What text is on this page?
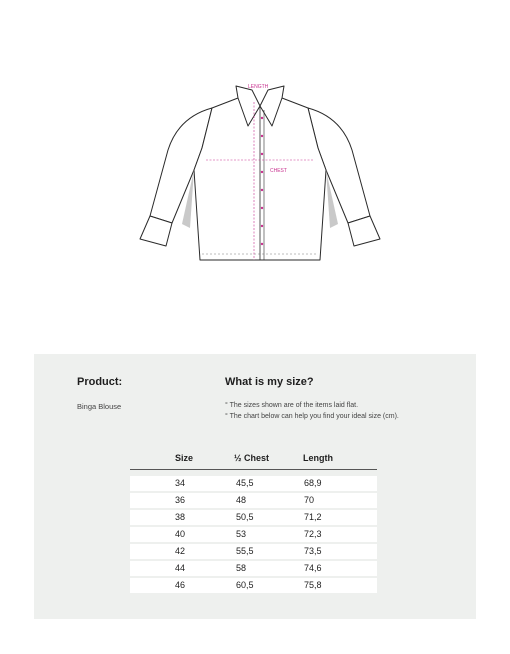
LENGTH
CHEST
Product:
Binga Blouse
What is my size?
° The sizes shown are of the items laid flat.
° The chart below can help you find your ideal size (cm).
Size	½ Chest	Length
34	45,5	68,9
36	48	70
38	50,5	71,2
40	53	72,3
42	55,5	73,5
44	58	74,6
46	60,5	75,8
